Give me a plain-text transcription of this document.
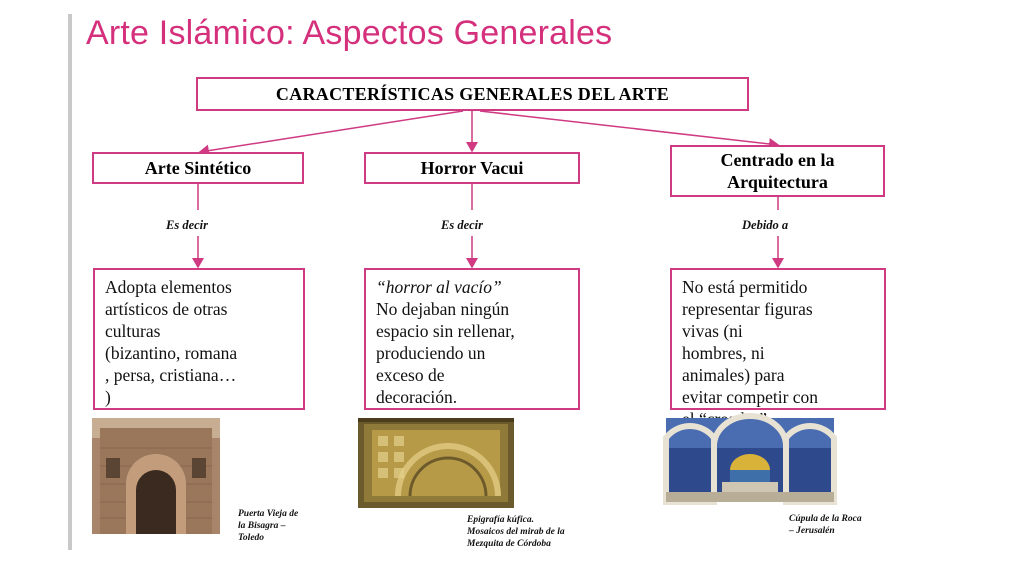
Arte Islámico: Aspectos Generales
CARACTERÍSTICAS GENERALES DEL ARTE
Arte Sintético	Horror Vacui	Centrado en la
Arquitectura
Es decir	Es decir	Debido a

Adopta elementos

artísticos de otras

culturas

(bizantino, romana

, persa, cristiana…

)

“horror al vacío”

No dejaban ningún

espacio sin rellenar,

produciendo un

exceso de

decoración.

No está permitido

representar figuras

vivas (ni

hombres, ni

animales) para

evitar competir con

Puerta Vieja de
la Bisagra –
Toledo
Epigrafía kúfica.
Mosaicos del mirab de la
Mezquita de Córdoba
Cúpula de la Roca
– Jerusalén
